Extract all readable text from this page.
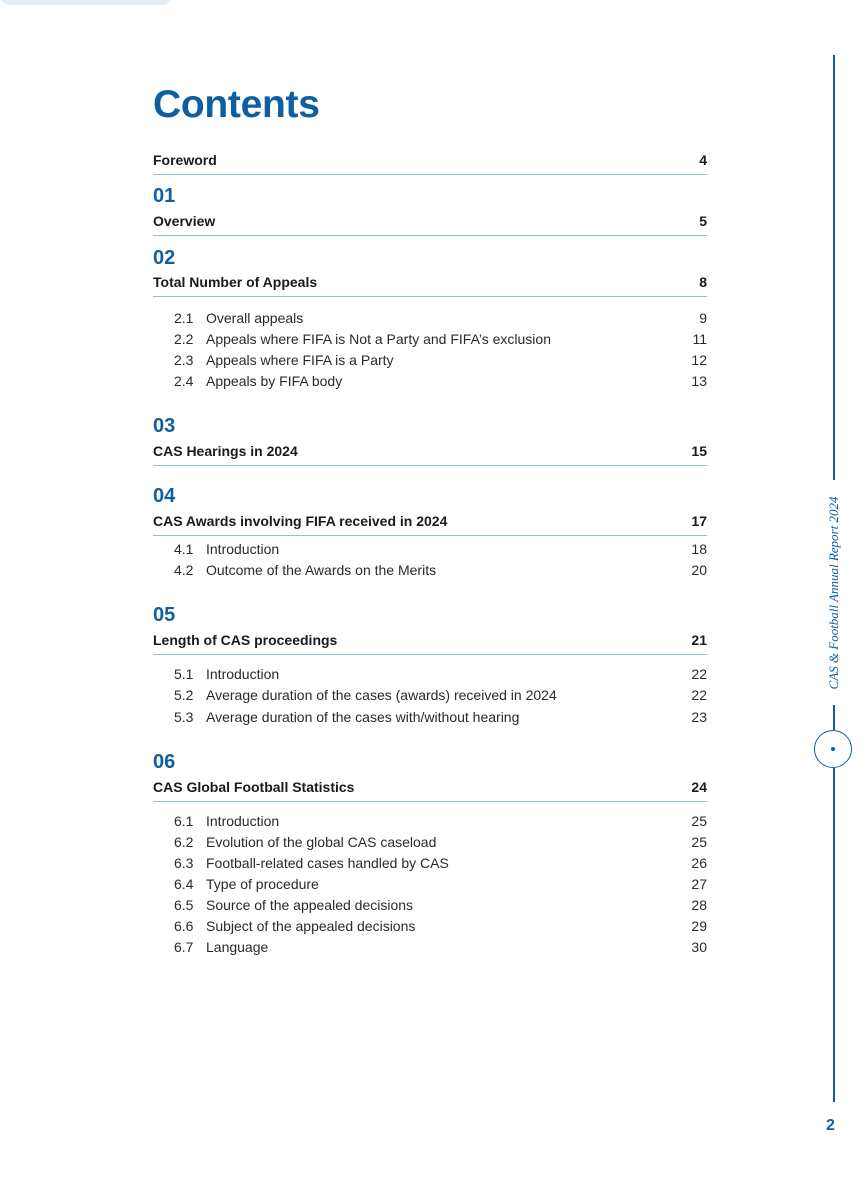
Contents
Foreword	4
01
Overview	5
02
Total Number of Appeals	8
2.1 Overall appeals	9
2.2 Appeals where FIFA is Not a Party and FIFA’s exclusion	11
2.3 Appeals where FIFA is a Party	12
2.4 Appeals by FIFA body	13
03
CAS Hearings in 2024	15
04
CAS Awards involving FIFA received in 2024	17
4.1 Introduction	18
4.2 Outcome of the Awards on the Merits	20
05
Length of CAS proceedings	21
5.1 Introduction	22
5.2 Average duration of the cases (awards) received in 2024	22
5.3 Average duration of the cases with/without hearing	23
06
CAS Global Football Statistics	24
6.1 Introduction	25
6.2 Evolution of the global CAS caseload	25
6.3 Football-related cases handled by CAS	26
6.4 Type of procedure	27
6.5 Source of the appealed decisions	28
6.6 Subject of the appealed decisions	29
6.7 Language	30
CAS & Football Annual Report 2024
2
